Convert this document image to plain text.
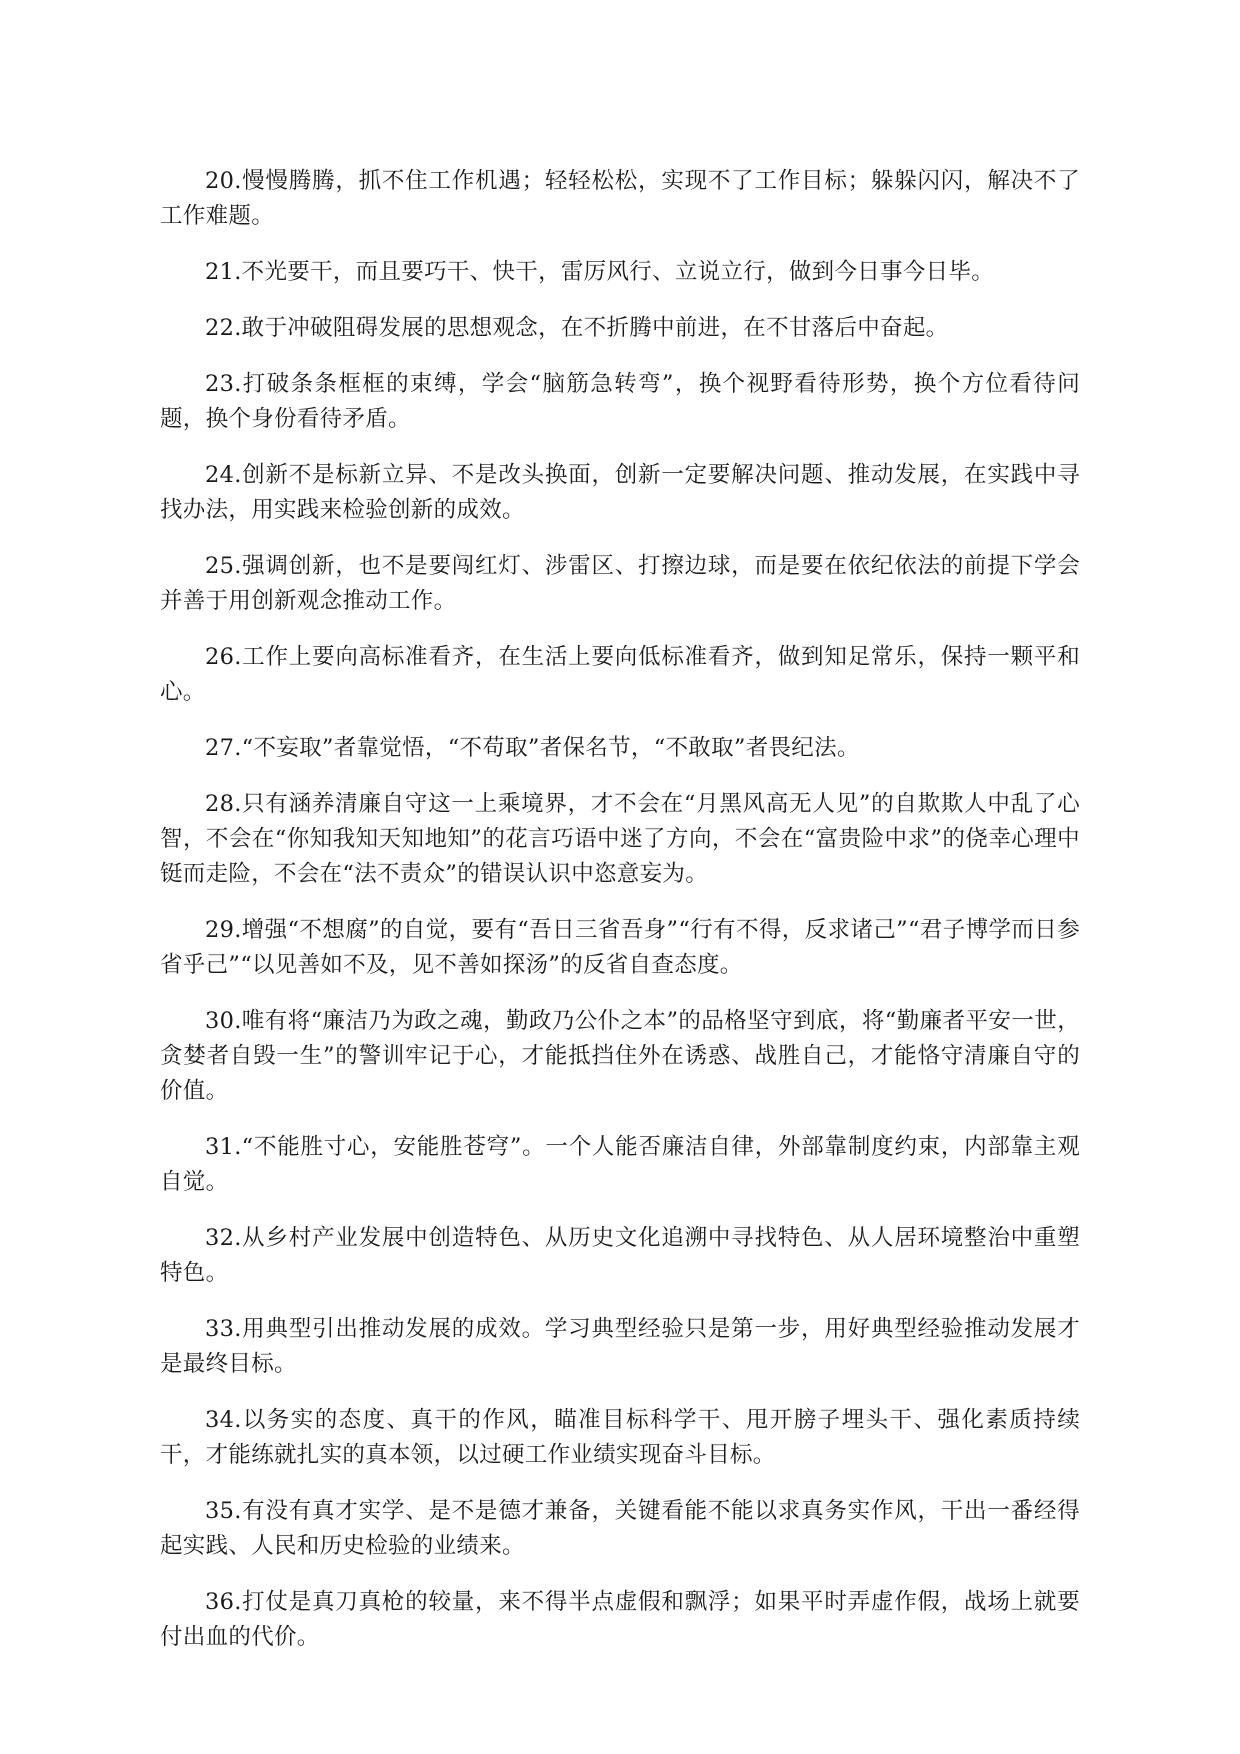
20.慢慢腾腾，抓不住工作机遇；轻轻松松，实现不了工作目标；躲躲闪闪，解决不了工作难题。

21.不光要干，而且要巧干、快干，雷厉风行、立说立行，做到今日事今日毕。

22.敢于冲破阻碍发展的思想观念，在不折腾中前进，在不甘落后中奋起。

23.打破条条框框的束缚，学会“脑筋急转弯”，换个视野看待形势，换个方位看待问题，换个身份看待矛盾。

24.创新不是标新立异、不是改头换面，创新一定要解决问题、推动发展，在实践中寻找办法，用实践来检验创新的成效。

25.强调创新，也不是要闯红灯、涉雷区、打擦边球，而是要在依纪依法的前提下学会并善于用创新观念推动工作。

26.工作上要向高标准看齐，在生活上要向低标准看齐，做到知足常乐，保持一颗平和心。

27.“不妄取”者靠觉悟，“不苟取”者保名节，“不敢取”者畏纪法。

28.只有涵养清廉自守这一上乘境界，才不会在“月黑风高无人见”的自欺欺人中乱了心智，不会在“你知我知天知地知”的花言巧语中迷了方向，不会在“富贵险中求”的侥幸心理中铤而走险，不会在“法不责众”的错误认识中恣意妄为。

29.增强“不想腐”的自觉，要有“吾日三省吾身”“行有不得，反求诸己”“君子博学而日参省乎己”“以见善如不及，见不善如探汤”的反省自查态度。

30.唯有将“廉洁乃为政之魂，勤政乃公仆之本”的品格坚守到底，将“勤廉者平安一世，贪婪者自毁一生”的警训牢记于心，才能抵挡住外在诱惑、战胜自己，才能恪守清廉自守的价值。

31.“不能胜寸心，安能胜苍穹”。一个人能否廉洁自律，外部靠制度约束，内部靠主观自觉。

32.从乡村产业发展中创造特色、从历史文化追溯中寻找特色、从人居环境整治中重塑特色。

33.用典型引出推动发展的成效。学习典型经验只是第一步，用好典型经验推动发展才是最终目标。

34.以务实的态度、真干的作风，瞄准目标科学干、甩开膀子埋头干、强化素质持续干，才能练就扎实的真本领，以过硬工作业绩实现奋斗目标。

35.有没有真才实学、是不是德才兼备，关键看能不能以求真务实作风，干出一番经得起实践、人民和历史检验的业绩来。

36.打仗是真刀真枪的较量，来不得半点虚假和飘浮；如果平时弄虚作假，战场上就要付出血的代价。
